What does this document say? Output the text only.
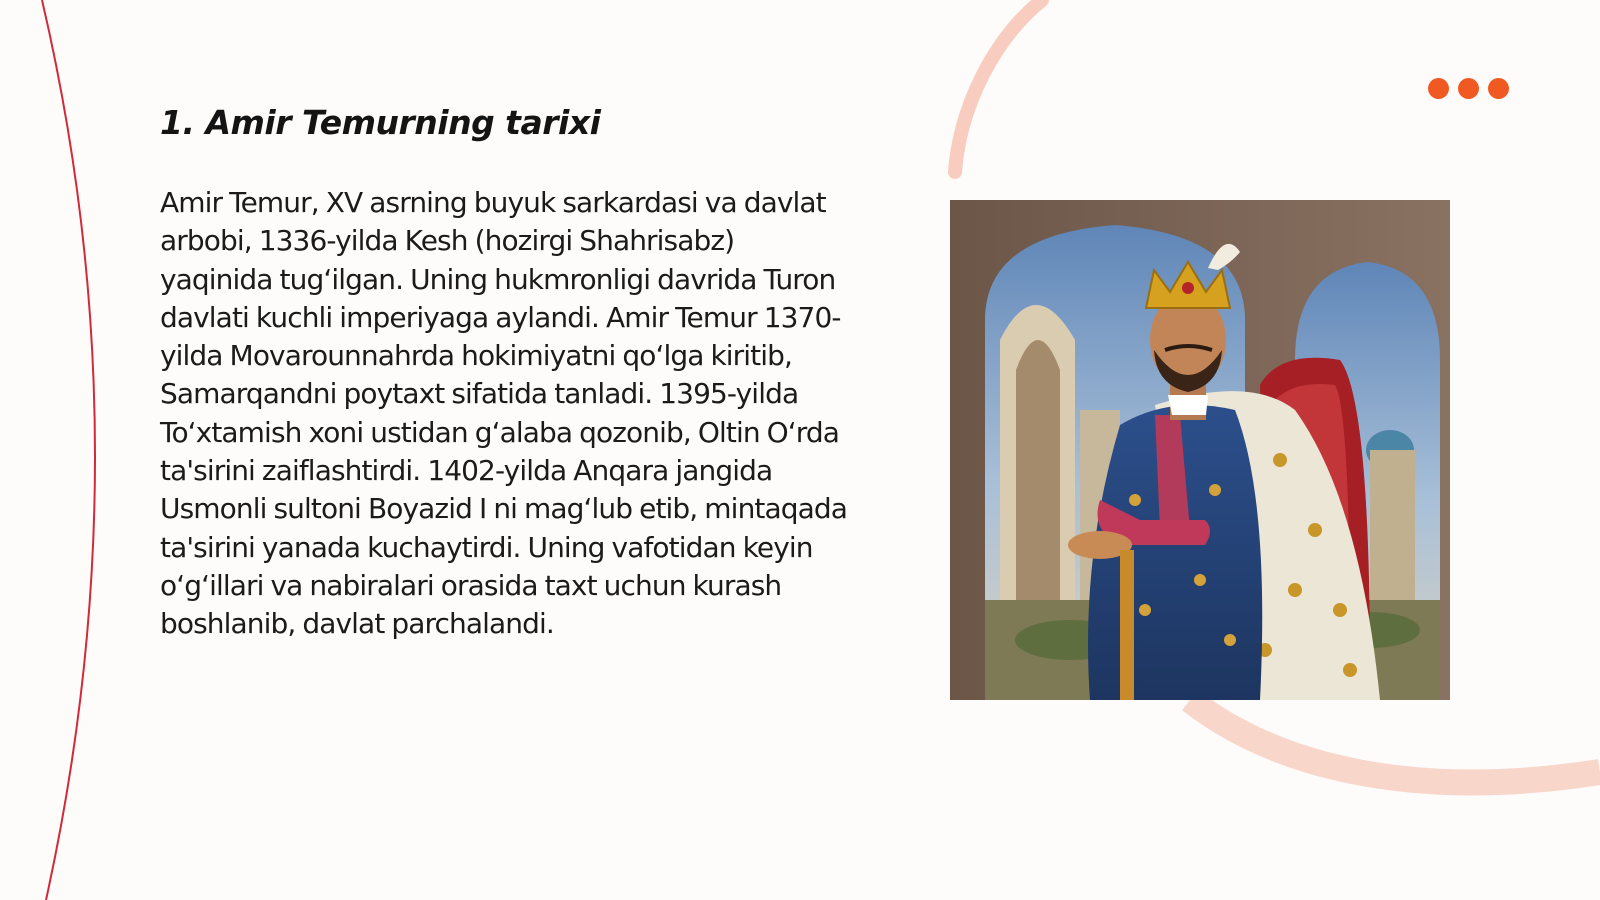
1. Amir Temurning tarixi

Amir Temur, XV asrning buyuk sarkardasi va davlat arbobi, 1336-yilda Kesh (hozirgi Shahrisabz) yaqinida tug‘ilgan. Uning hukmronligi davrida Turon davlati kuchli imperiyaga aylandi. Amir Temur 1370-yilda Movarounnahrda hokimiyatni qo‘lga kiritib, Samarqandni poytaxt sifatida tanladi. 1395-yilda To‘xtamish xoni ustidan g‘alaba qozonib, Oltin O‘rda ta'sirini zaiflashtirdi. 1402-yilda Anqara jangida Usmonli sultoni Boyazid I ni mag‘lub etib, mintaqada ta'sirini yanada kuchaytirdi. Uning vafotidan keyin o‘g‘illari va nabiralari orasida taxt uchun kurash boshlanib, davlat parchalandi.
